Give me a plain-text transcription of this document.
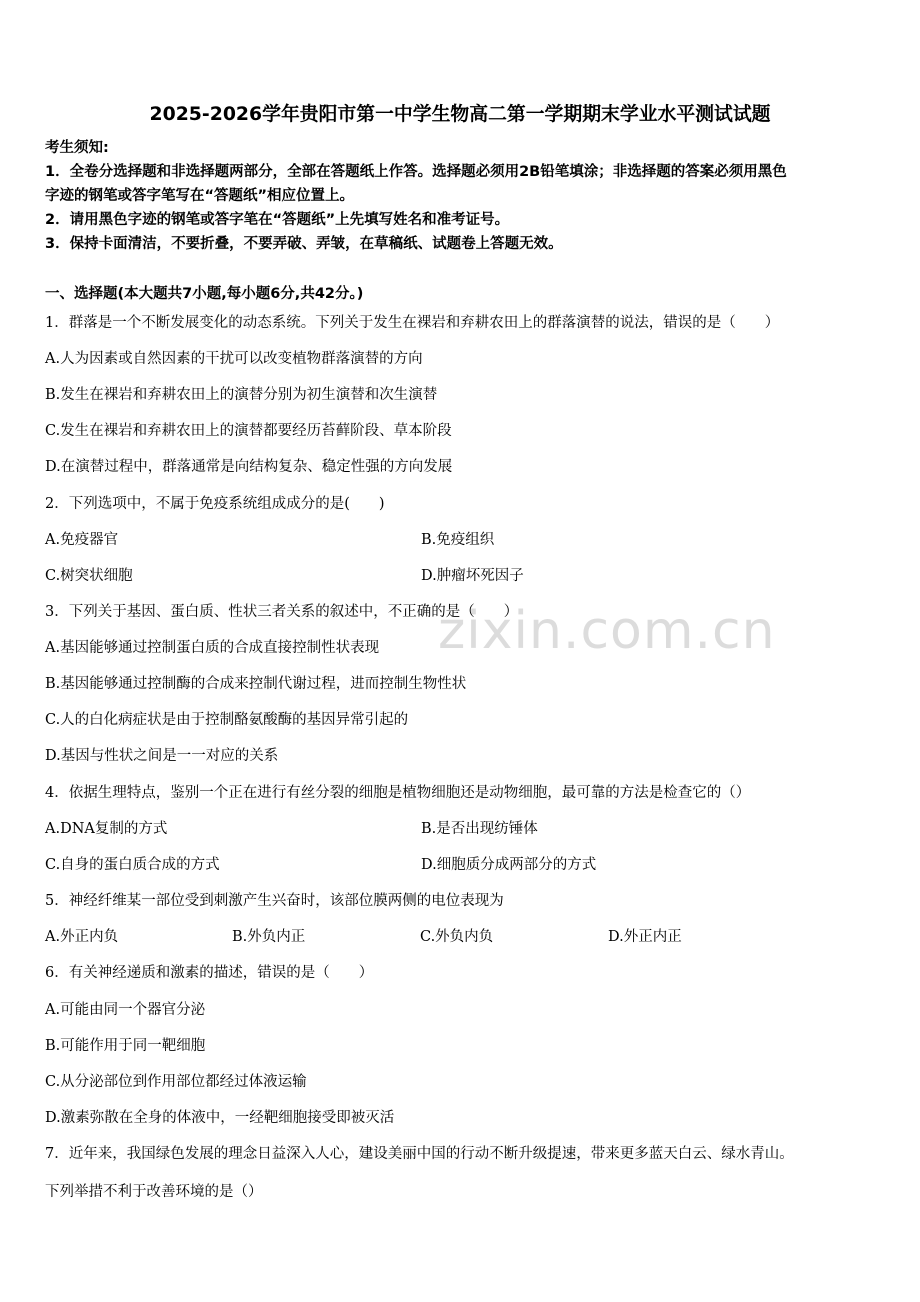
zixin.com.cn
2025-2026学年贵阳市第一中学生物高二第一学期期末学业水平测试试题
考生须知:
1．全卷分选择题和非选择题两部分，全部在答题纸上作答。选择题必须用2B铅笔填涂；非选择题的答案必须用黑色
字迹的钢笔或答字笔写在“答题纸”相应位置上。
2．请用黑色字迹的钢笔或答字笔在“答题纸”上先填写姓名和准考证号。
3．保持卡面清洁，不要折叠，不要弄破、弄皱，在草稿纸、试题卷上答题无效。
一、选择题(本大题共7小题,每小题6分,共42分。)
1．群落是一个不断发展变化的动态系统。下列关于发生在裸岩和弃耕农田上的群落演替的说法，错误的是（　　）
A.人为因素或自然因素的干扰可以改变植物群落演替的方向
B.发生在裸岩和弃耕农田上的演替分别为初生演替和次生演替
C.发生在裸岩和弃耕农田上的演替都要经历苔藓阶段、草本阶段
D.在演替过程中，群落通常是向结构复杂、稳定性强的方向发展
2．下列选项中，不属于免疫系统组成成分的是(　　)
A.免疫器官	B.免疫组织
C.树突状细胞	D.肿瘤坏死因子
3．下列关于基因、蛋白质、性状三者关系的叙述中，不正确的是（　　）
A.基因能够通过控制蛋白质的合成直接控制性状表现
B.基因能够通过控制酶的合成来控制代谢过程，进而控制生物性状
C.人的白化病症状是由于控制酪氨酸酶的基因异常引起的
D.基因与性状之间是一一对应的关系
4．依据生理特点，鉴别一个正在进行有丝分裂的细胞是植物细胞还是动物细胞，最可靠的方法是检查它的（）
A.DNA复制的方式	B.是否出现纺锤体
C.自身的蛋白质合成的方式	D.细胞质分成两部分的方式
5．神经纤维某一部位受到刺激产生兴奋时，该部位膜两侧的电位表现为
A.外正内负	B.外负内正	C.外负内负	D.外正内正
6．有关神经递质和激素的描述，错误的是（　　）
A.可能由同一个器官分泌
B.可能作用于同一靶细胞
C.从分泌部位到作用部位都经过体液运输
D.激素弥散在全身的体液中，一经靶细胞接受即被灭活
7．近年来，我国绿色发展的理念日益深入人心，建设美丽中国的行动不断升级提速，带来更多蓝天白云、绿水青山。
下列举措不利于改善环境的是（）
